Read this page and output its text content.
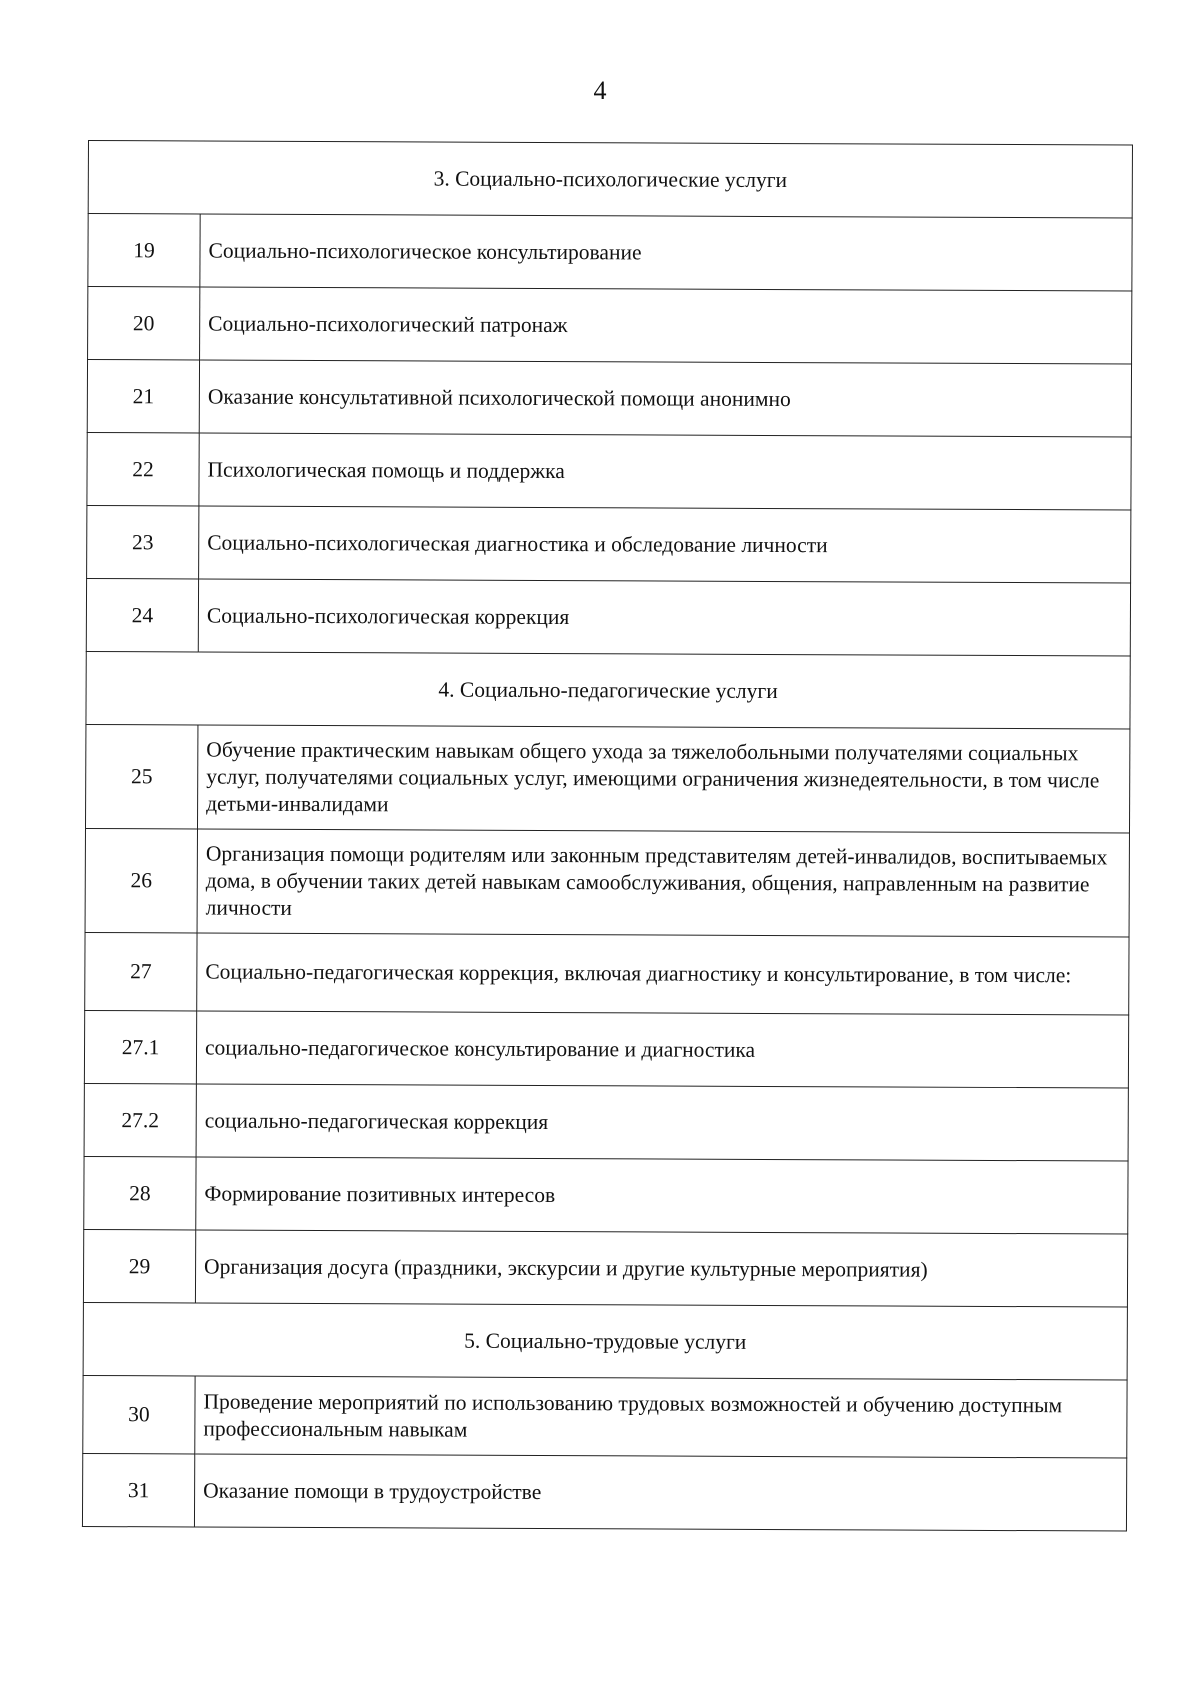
4
3. Социально-психологические услуги	
19	Социально-психологическое консультирование
20	Социально-психологический патронаж
21	Оказание консультативной психологической помощи анонимно
22	Психологическая помощь и поддержка
23	Социально-психологическая диагностика и обследование личности
24	Социально-психологическая коррекция
4. Социально-педагогические услуги	
25	Обучение практическим навыкам общего ухода за тяжелобольными получателями социальных услуг, получателями социальных услуг, имеющими ограничения жизнедеятельности, в том числе детьми-инвалидами
26	Организация помощи родителям или законным представителям детей-инвалидов, воспитываемых дома, в обучении таких детей навыкам самообслуживания, общения, направленным на развитие личности
27	Социально-педагогическая коррекция, включая диагностику и консультирование, в том числе:
27.1	социально-педагогическое консультирование и диагностика
27.2	социально-педагогическая коррекция
28	Формирование позитивных интересов
29	Организация досуга (праздники, экскурсии и другие культурные мероприятия)
5. Социально-трудовые услуги	
30	Проведение мероприятий по использованию трудовых возможностей и обучению доступным профессиональным навыкам
31	Оказание помощи в трудоустройстве
